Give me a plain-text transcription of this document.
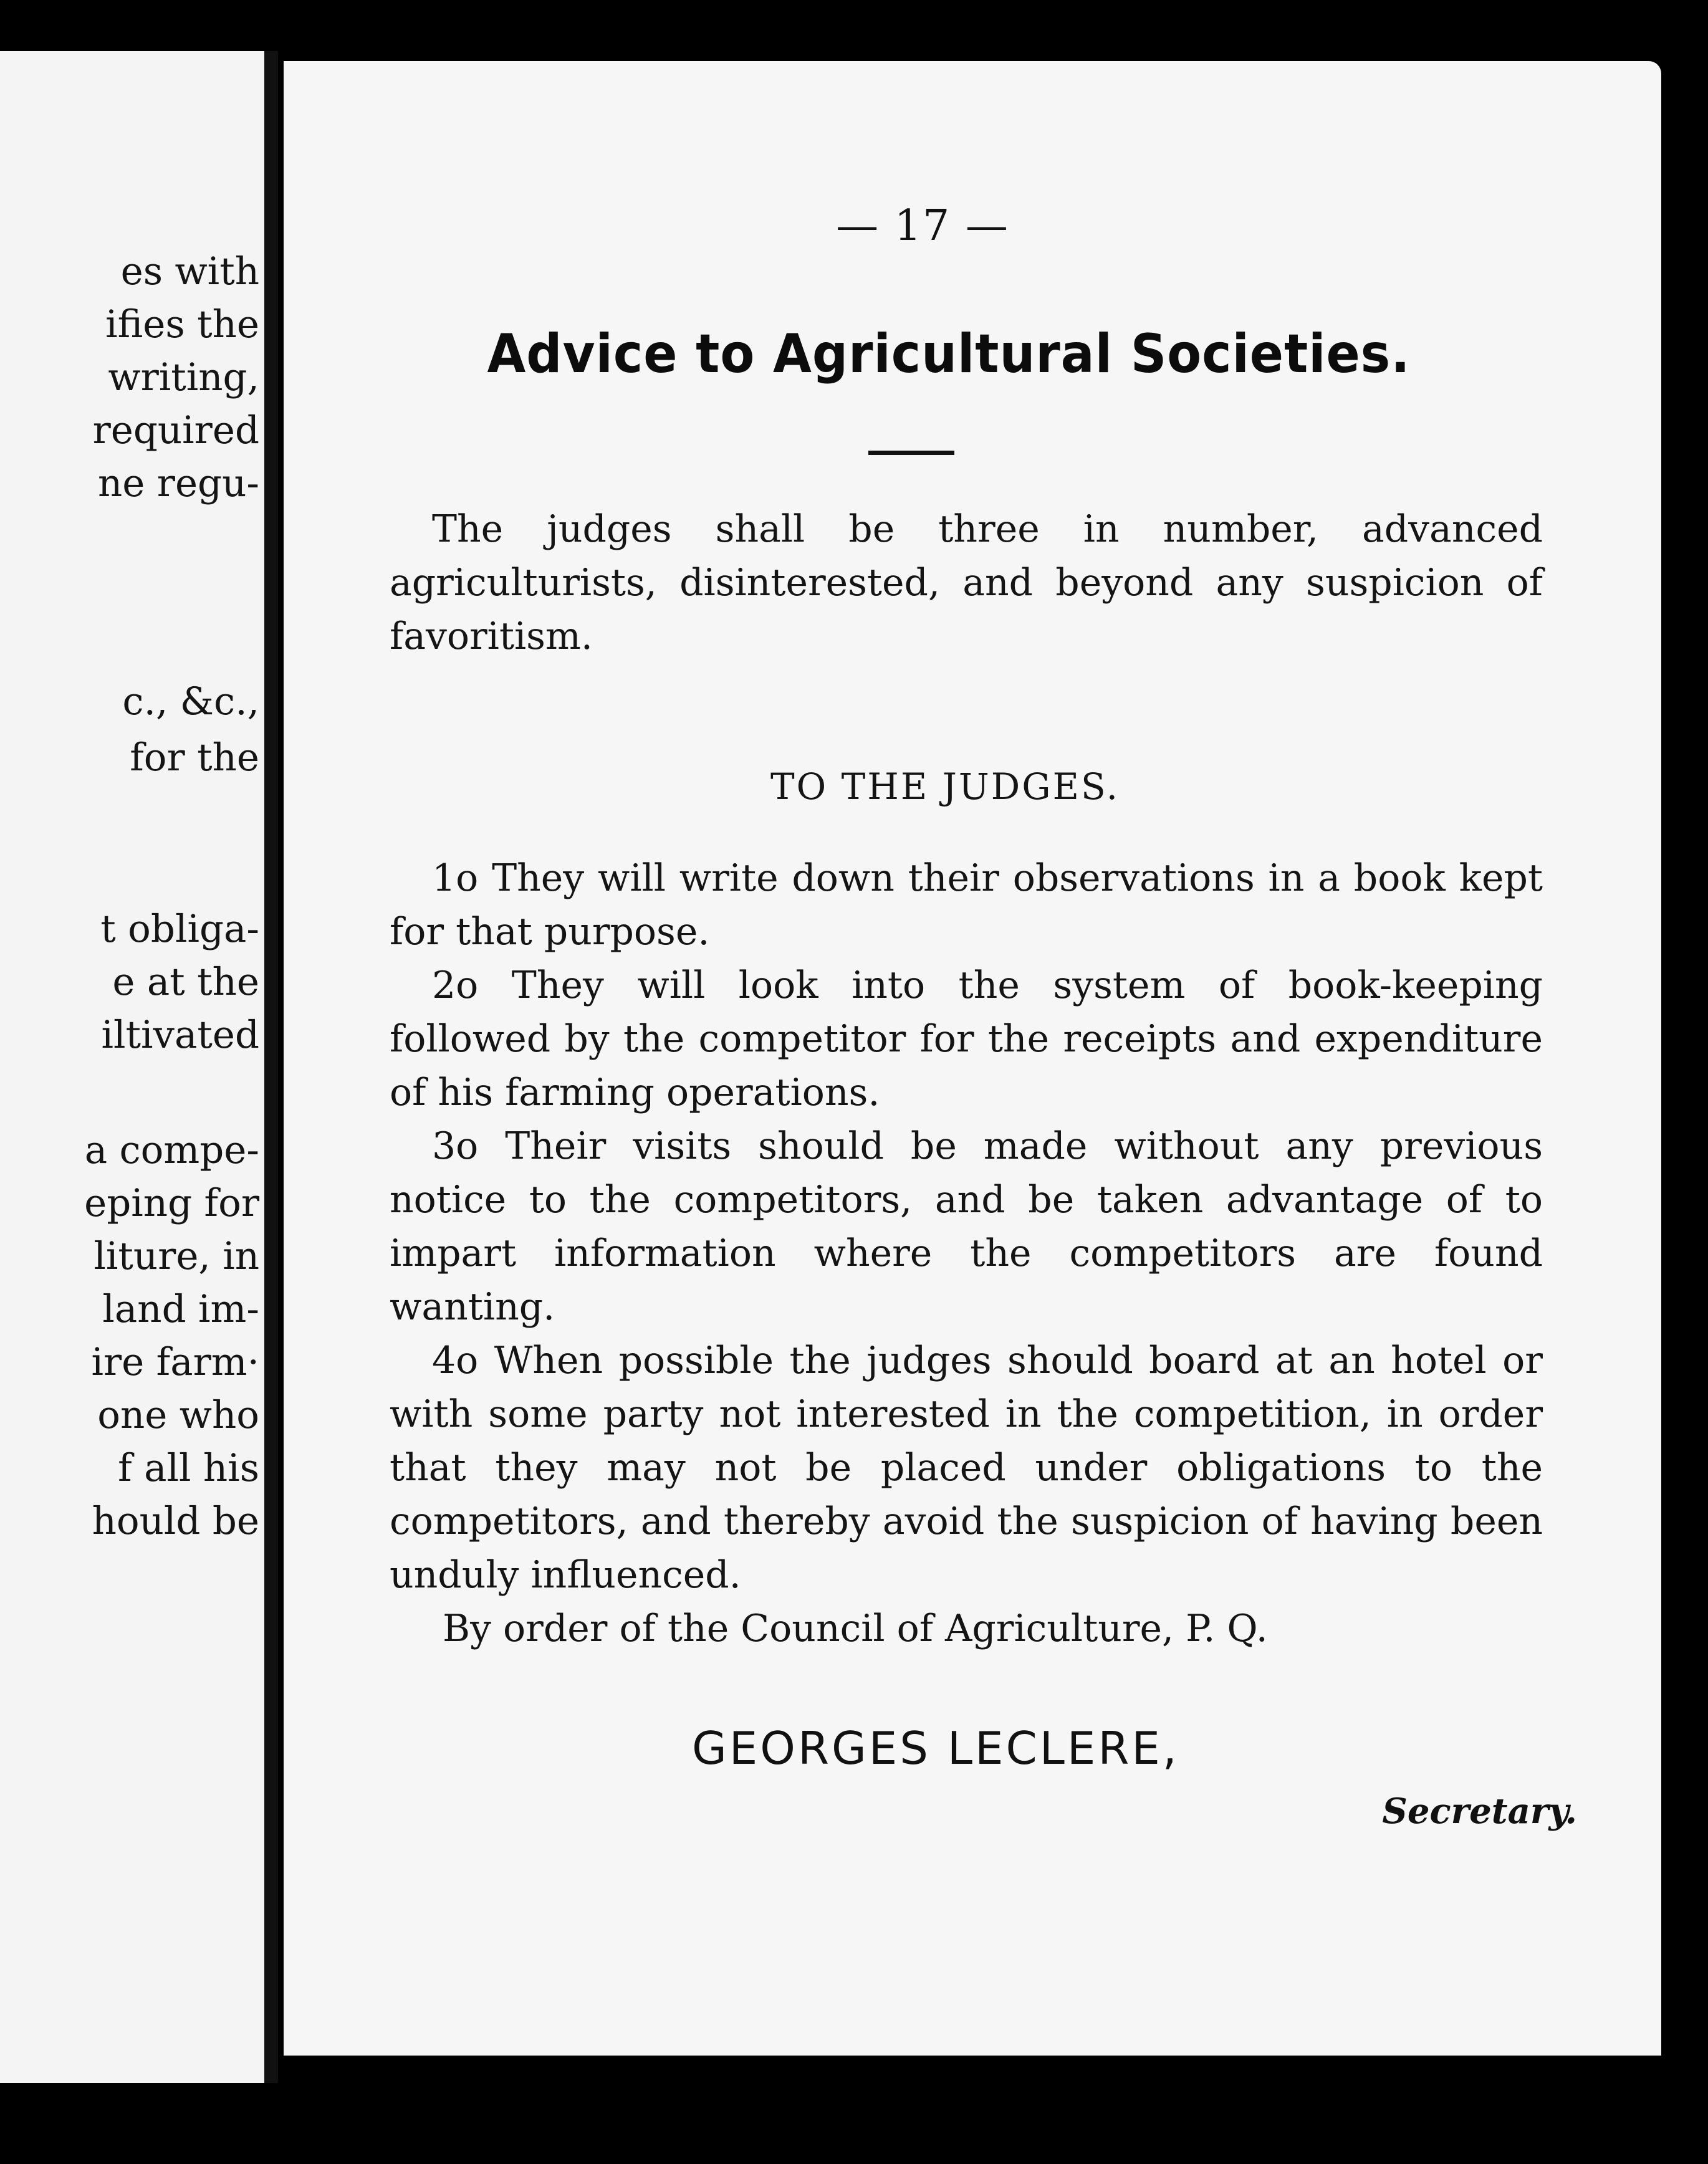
es with
ifies the
writing,
required
ne regu-
c., &c.,
for the
t obliga-
e at the
iltivated
a compe-
eping for
liture, in
land im-
ire farm·
one who
f all his
hould be
— 17 —
Advice to Agricultural Societies.

The judges shall be three in number, advanced agriculturists, disinterested, and beyond any suspicion of favoritism.

TO THE JUDGES.

1o They will write down their observations in a book kept for that purpose.

2o They will look into the system of book-keeping followed by the competitor for the receipts and expenditure of his farming operations.

3o Their visits should be made without any previous notice to the competitors, and be taken advantage of to impart information where the competitors are found wanting.

4o When possible the judges should board at an hotel or with some party not interested in the competition, in order that they may not be placed under obligations to the competitors, and thereby avoid the suspicion of having been unduly influenced.

By order of the Council of Agriculture, P. Q.
GEORGES LECLERE,
Secretary.
